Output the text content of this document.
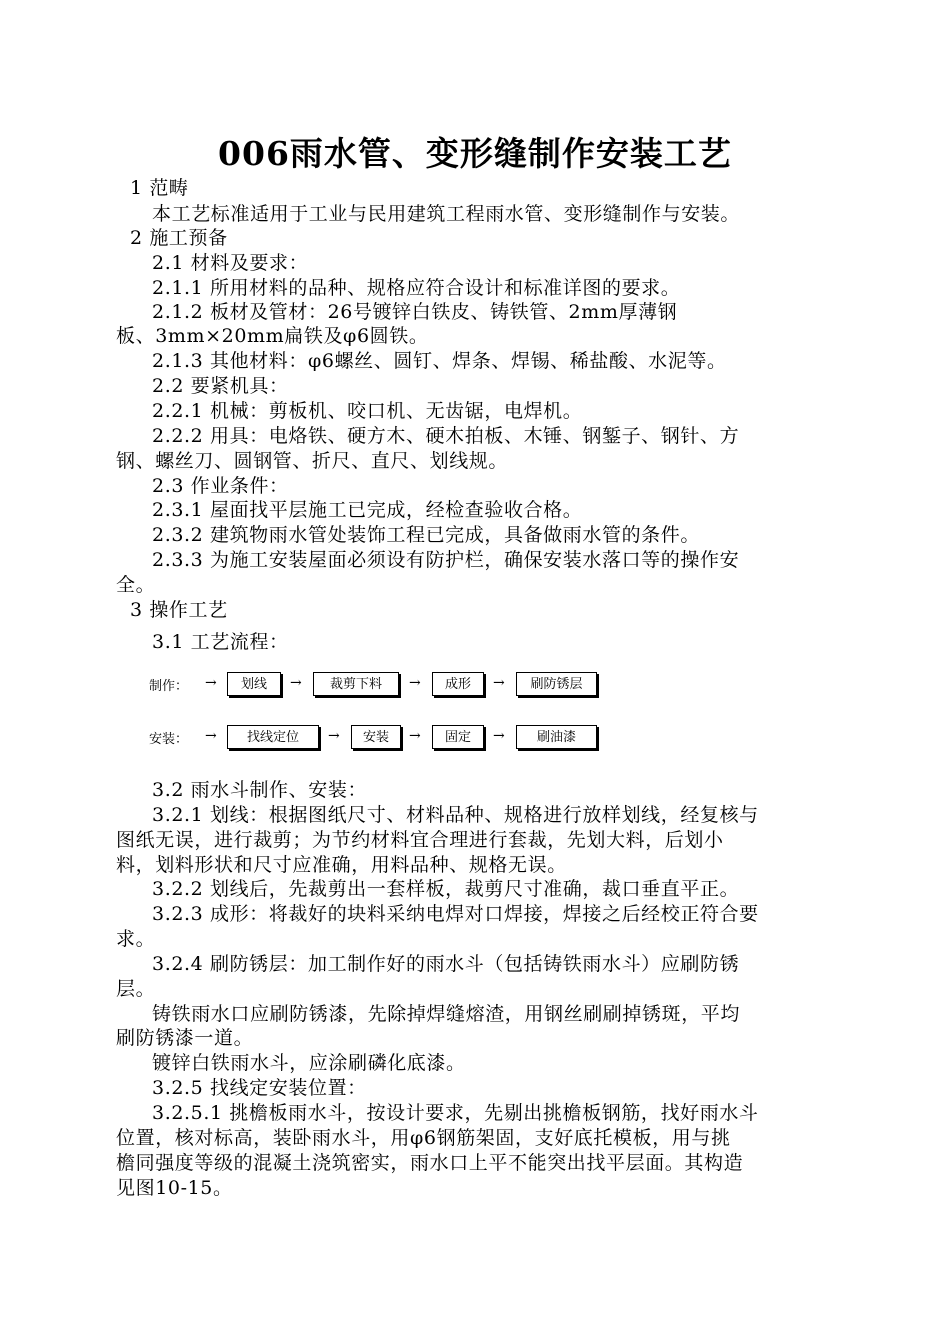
006雨水管、变形缝制作安装工艺
1 范畴
本工艺标准适用于工业与民用建筑工程雨水管、变形缝制作与安装。
2 施工预备
2.1 材料及要求：
2.1.1 所用材料的品种、规格应符合设计和标准详图的要求。
2.1.2 板材及管材：26号镀锌白铁皮、铸铁管、2mm厚薄钢
板、3mm×20mm扁铁及φ6圆铁。
2.1.3 其他材料：φ6螺丝、圆钉、焊条、焊锡、稀盐酸、水泥等。
2.2 要紧机具：
2.2.1 机械：剪板机、咬口机、无齿锯，电焊机。
2.2.2 用具：电烙铁、硬方木、硬木拍板、木锤、钢錾子、钢针、方
钢、螺丝刀、圆钢管、折尺、直尺、划线规。
2.3 作业条件：
2.3.1 屋面找平层施工已完成，经检查验收合格。
2.3.2 建筑物雨水管处装饰工程已完成，具备做雨水管的条件。
2.3.3 为施工安装屋面必须设有防护栏，确保安装水落口等的操作安
全。
3 操作工艺
3.1 工艺流程：
制作： →	划线	→	裁剪下料	→	成形	→	刷防锈层
安装： →	找线定位	→	安装	→	固定	→	刷油漆
3.2 雨水斗制作、安装：
3.2.1 划线：根据图纸尺寸、材料品种、规格进行放样划线，经复核与
图纸无误，进行裁剪；为节约材料宜合理进行套裁，先划大料，后划小
料，划料形状和尺寸应准确，用料品种、规格无误。
3.2.2 划线后，先裁剪出一套样板，裁剪尺寸准确，裁口垂直平正。
3.2.3 成形：将裁好的块料采纳电焊对口焊接，焊接之后经校正符合要
求。
3.2.4 刷防锈层：加工制作好的雨水斗（包括铸铁雨水斗）应刷防锈
层。
铸铁雨水口应刷防锈漆，先除掉焊缝熔渣，用钢丝刷刷掉锈斑，平均
刷防锈漆一道。
镀锌白铁雨水斗，应涂刷磷化底漆。
3.2.5 找线定安装位置：
3.2.5.1 挑檐板雨水斗，按设计要求，先剔出挑檐板钢筋，找好雨水斗
位置，核对标高，装卧雨水斗，用φ6钢筋架固，支好底托模板，用与挑
檐同强度等级的混凝土浇筑密实，雨水口上平不能突出找平层面。其构造
见图10-15。
